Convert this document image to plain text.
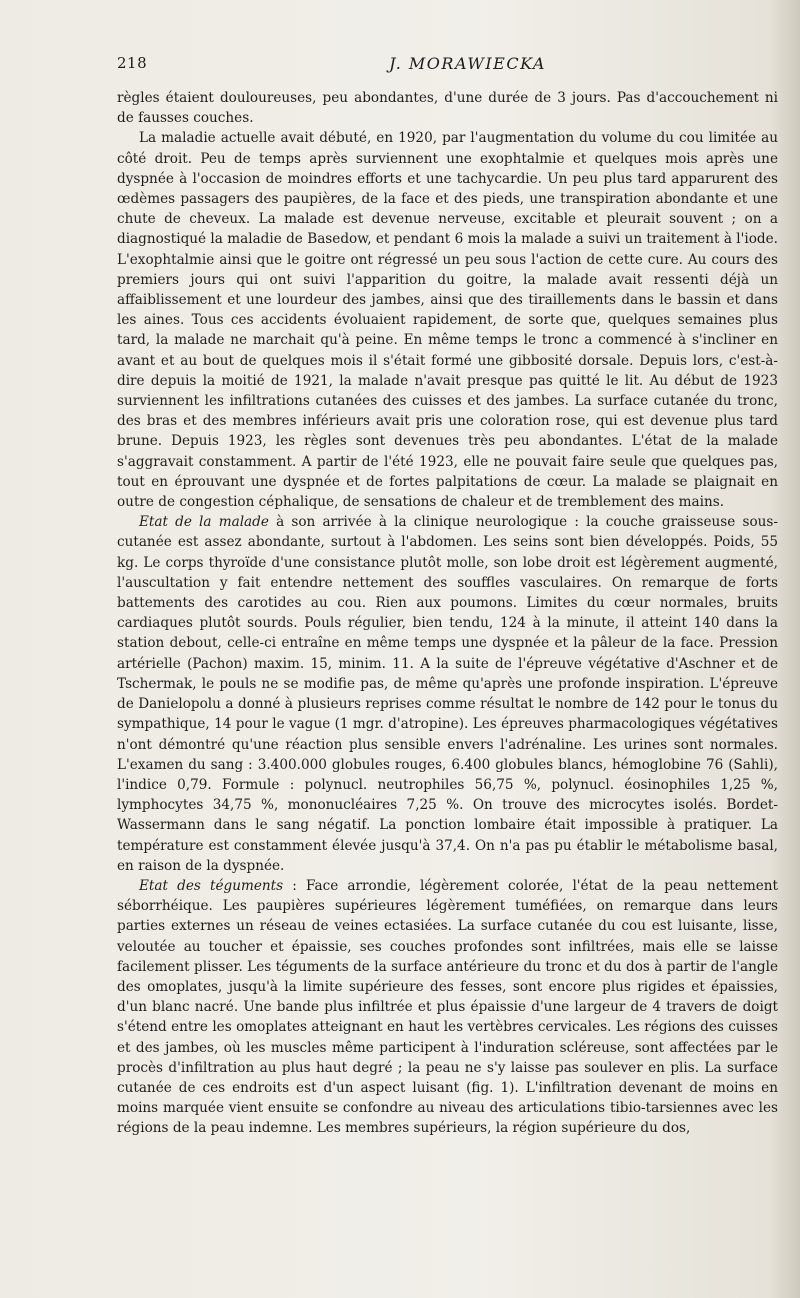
218	J. MORAWIECKA

règles étaient douloureuses, peu abondantes, d'une durée de 3 jours. Pas d'accouchement ni de fausses couches.

La maladie actuelle avait débuté, en 1920, par l'augmentation du volume du cou limitée au côté droit. Peu de temps après surviennent une exophtalmie et quelques mois après une dyspnée à l'occasion de moindres efforts et une tachycardie. Un peu plus tard apparurent des œdèmes passagers des paupières, de la face et des pieds, une transpiration abondante et une chute de cheveux. La malade est devenue nerveuse, excitable et pleurait souvent ; on a diagnostiqué la maladie de Basedow, et pendant 6 mois la malade a suivi un traitement à l'iode. L'exophtalmie ainsi que le goitre ont régressé un peu sous l'action de cette cure. Au cours des premiers jours qui ont suivi l'apparition du goitre, la malade avait ressenti déjà un affaiblissement et une lourdeur des jambes, ainsi que des tiraillements dans le bassin et dans les aines. Tous ces accidents évoluaient rapidement, de sorte que, quelques semaines plus tard, la malade ne marchait qu'à peine. En même temps le tronc a commencé à s'incliner en avant et au bout de quelques mois il s'était formé une gibbosité dorsale. Depuis lors, c'est-à-dire depuis la moitié de 1921, la malade n'avait presque pas quitté le lit. Au début de 1923 surviennent les infiltrations cutanées des cuisses et des jambes. La surface cutanée du tronc, des bras et des membres inférieurs avait pris une coloration rose, qui est devenue plus tard brune. Depuis 1923, les règles sont devenues très peu abondantes. L'état de la malade s'aggravait constamment. A partir de l'été 1923, elle ne pouvait faire seule que quelques pas, tout en éprouvant une dyspnée et de fortes palpitations de cœur. La malade se plaignait en outre de congestion céphalique, de sensations de chaleur et de tremblement des mains.

Etat de la malade à son arrivée à la clinique neurologique : la couche graisseuse sous-cutanée est assez abondante, surtout à l'abdomen. Les seins sont bien développés. Poids, 55 kg. Le corps thyroïde d'une consistance plutôt molle, son lobe droit est légèrement augmenté, l'auscultation y fait entendre nettement des souffles vasculaires. On remarque de forts battements des carotides au cou. Rien aux poumons. Limites du cœur normales, bruits cardiaques plutôt sourds. Pouls régulier, bien tendu, 124 à la minute, il atteint 140 dans la station debout, celle-ci entraîne en même temps une dyspnée et la pâleur de la face. Pression artérielle (Pachon) maxim. 15, minim. 11. A la suite de l'épreuve végétative d'Aschner et de Tschermak, le pouls ne se modifie pas, de même qu'après une profonde inspiration. L'épreuve de Danielopolu a donné à plusieurs reprises comme résultat le nombre de 142 pour le tonus du sympathique, 14 pour le vague (1 mgr. d'atropine). Les épreuves pharmacologiques végétatives n'ont démontré qu'une réaction plus sensible envers l'adrénaline. Les urines sont normales. L'examen du sang : 3.400.000 globules rouges, 6.400 globules blancs, hémoglobine 76 (Sahli), l'indice 0,79. Formule : polynucl. neutrophiles 56,75 %, polynucl. éosinophiles 1,25 %, lymphocytes 34,75 %, mononucléaires 7,25 %. On trouve des microcytes isolés. Bordet-Wassermann dans le sang négatif. La ponction lombaire était impossible à pratiquer. La température est constamment élevée jusqu'à 37,4. On n'a pas pu établir le métabolisme basal, en raison de la dyspnée.

Etat des téguments : Face arrondie, légèrement colorée, l'état de la peau nettement séborrhéique. Les paupières supérieures légèrement tuméfiées, on remarque dans leurs parties externes un réseau de veines ectasiées. La surface cutanée du cou est luisante, lisse, veloutée au toucher et épaissie, ses couches profondes sont infiltrées, mais elle se laisse facilement plisser. Les téguments de la surface antérieure du tronc et du dos à partir de l'angle des omoplates, jusqu'à la limite supérieure des fesses, sont encore plus rigides et épaissies, d'un blanc nacré. Une bande plus infiltrée et plus épaissie d'une largeur de 4 travers de doigt s'étend entre les omoplates atteignant en haut les vertèbres cervicales. Les régions des cuisses et des jambes, où les muscles même participent à l'induration scléreuse, sont affectées par le procès d'infiltration au plus haut degré ; la peau ne s'y laisse pas soulever en plis. La surface cutanée de ces endroits est d'un aspect luisant (fig. 1). L'infiltration devenant de moins en moins marquée vient ensuite se confondre au niveau des articulations tibio-tarsiennes avec les régions de la peau indemne. Les membres supérieurs, la région supérieure du dos,
